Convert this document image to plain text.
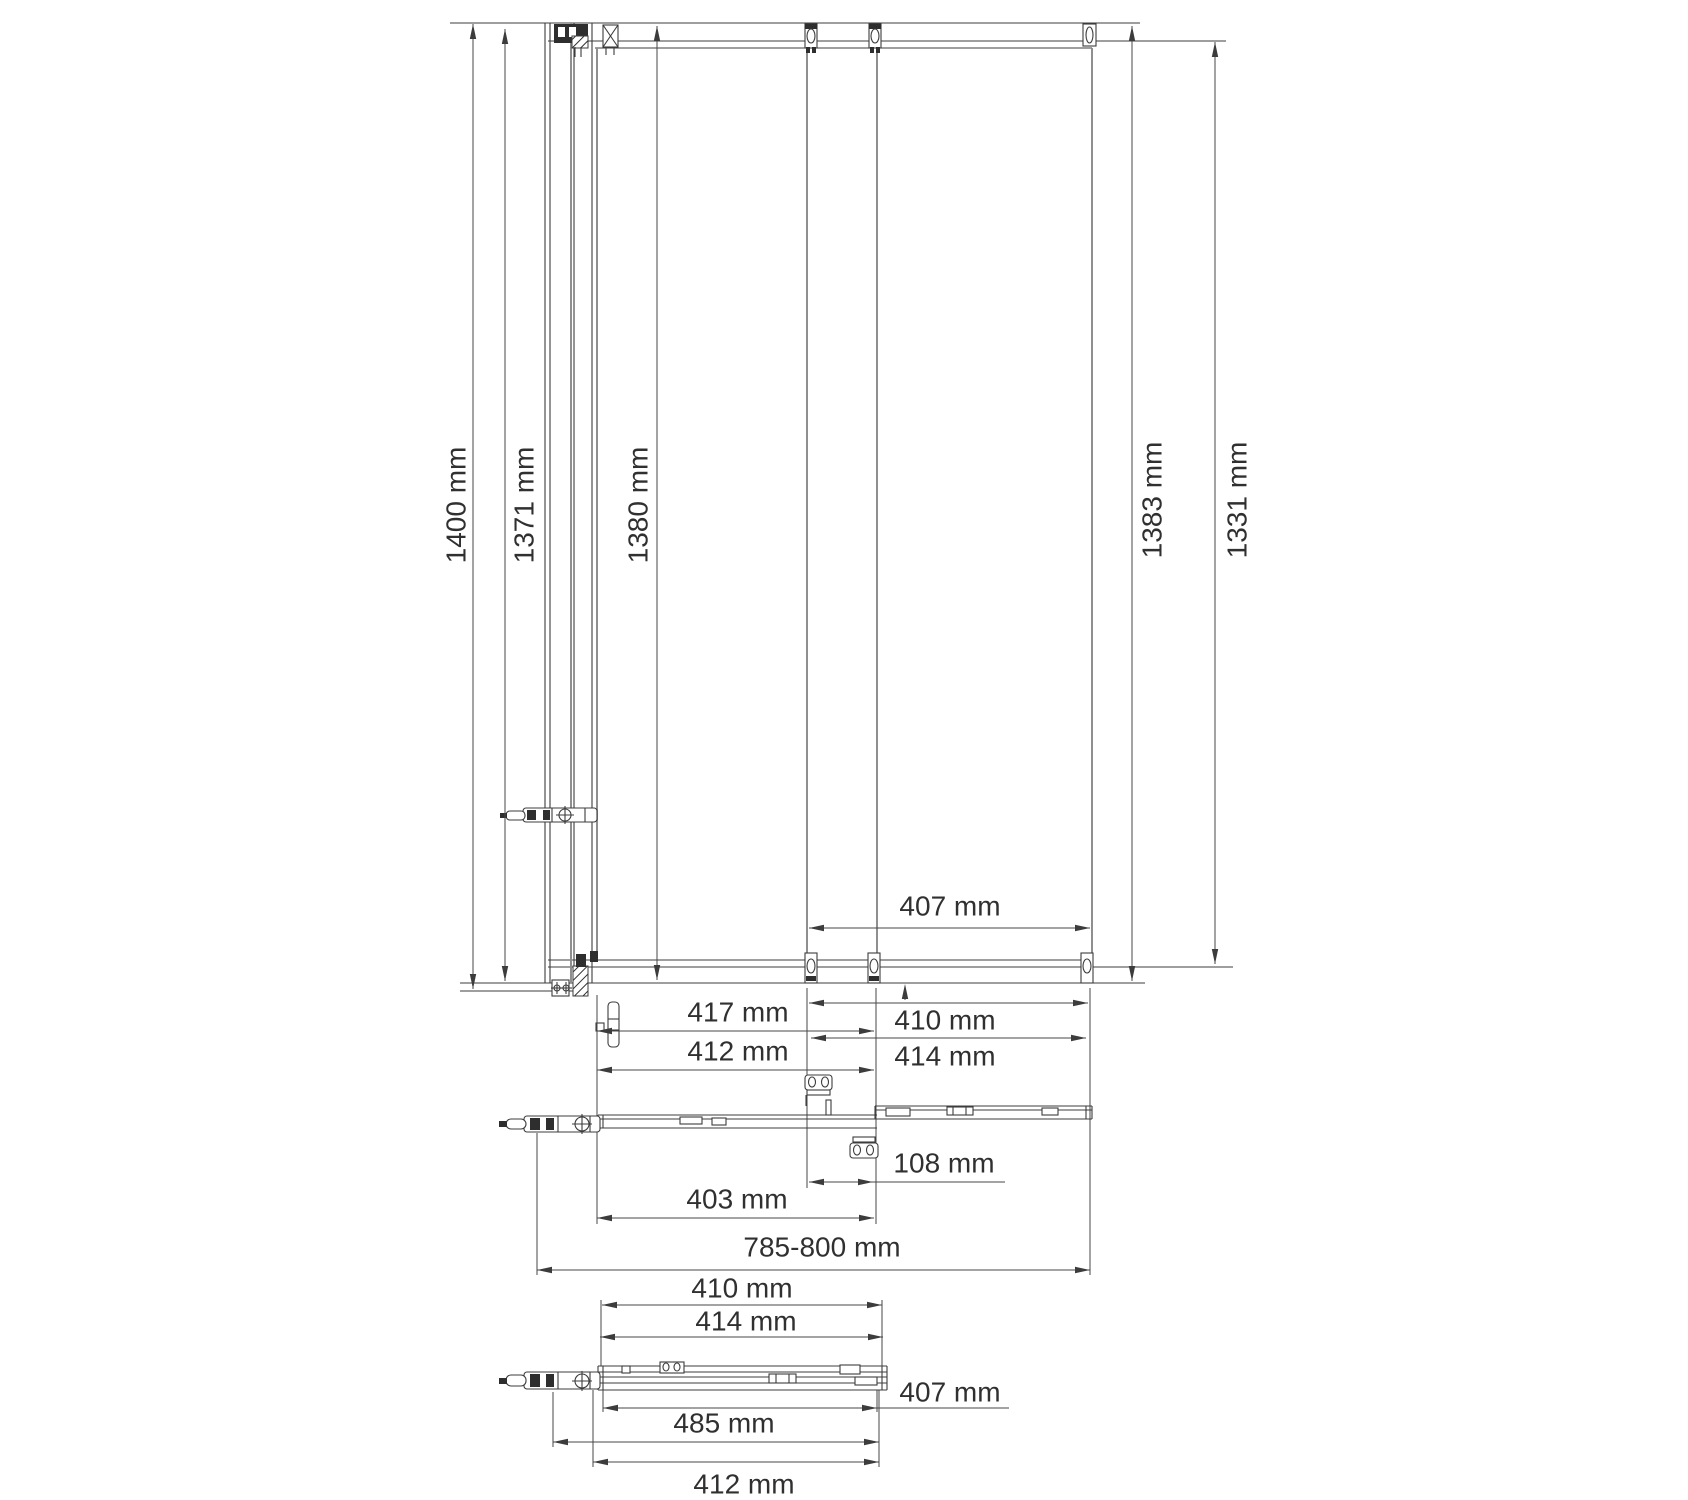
1400 mm 1371 mm	1380 mm	1383 mm 1331 mm
407 mm
417 mm	410 mm
412 mm	414 mm
108 mm
403 mm
785-800 mm
410 mm
414 mm
407 mm
485 mm
412 mm
